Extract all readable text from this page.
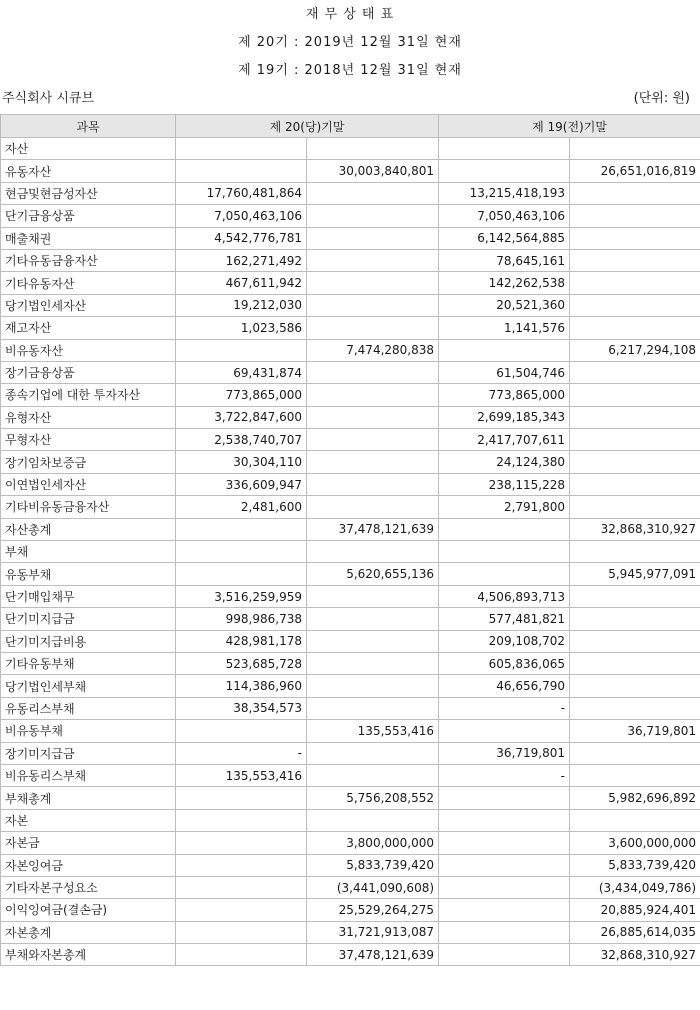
재 무 상 태 표
제 20기 : 2019년 12월 31일 현재
제 19기 : 2018년 12월 31일 현재
주식회사 시큐브	(단위: 원)
과목	제 20(당)기말		제 19(전)기말	
자산				
유동자산		30,003,840,801		26,651,016,819
현금및현금성자산	17,760,481,864		13,215,418,193	
단기금융상품	7,050,463,106		7,050,463,106	
매출채권	4,542,776,781		6,142,564,885	
기타유동금융자산	162,271,492		78,645,161	
기타유동자산	467,611,942		142,262,538	
당기법인세자산	19,212,030		20,521,360	
재고자산	1,023,586		1,141,576	
비유동자산		7,474,280,838		6,217,294,108
장기금융상품	69,431,874		61,504,746	
종속기업에 대한 투자자산	773,865,000		773,865,000	
유형자산	3,722,847,600		2,699,185,343	
무형자산	2,538,740,707		2,417,707,611	
장기임차보증금	30,304,110		24,124,380	
이연법인세자산	336,609,947		238,115,228	
기타비유동금융자산	2,481,600		2,791,800	
자산총계		37,478,121,639		32,868,310,927
부채				
유동부채		5,620,655,136		5,945,977,091
단기매입채무	3,516,259,959		4,506,893,713	
단기미지급금	998,986,738		577,481,821	
단기미지급비용	428,981,178		209,108,702	
기타유동부채	523,685,728		605,836,065	
당기법인세부채	114,386,960		46,656,790	
유동리스부채	38,354,573		-	
비유동부채		135,553,416		36,719,801
장기미지급금	-		36,719,801	
비유동리스부채	135,553,416		-	
부채총계		5,756,208,552		5,982,696,892
자본				
자본금		3,800,000,000		3,600,000,000
자본잉여금		5,833,739,420		5,833,739,420
기타자본구성요소		(3,441,090,608)		(3,434,049,786)
이익잉여금(결손금)		25,529,264,275		20,885,924,401
자본총계		31,721,913,087		26,885,614,035
부채와자본총계		37,478,121,639		32,868,310,927
